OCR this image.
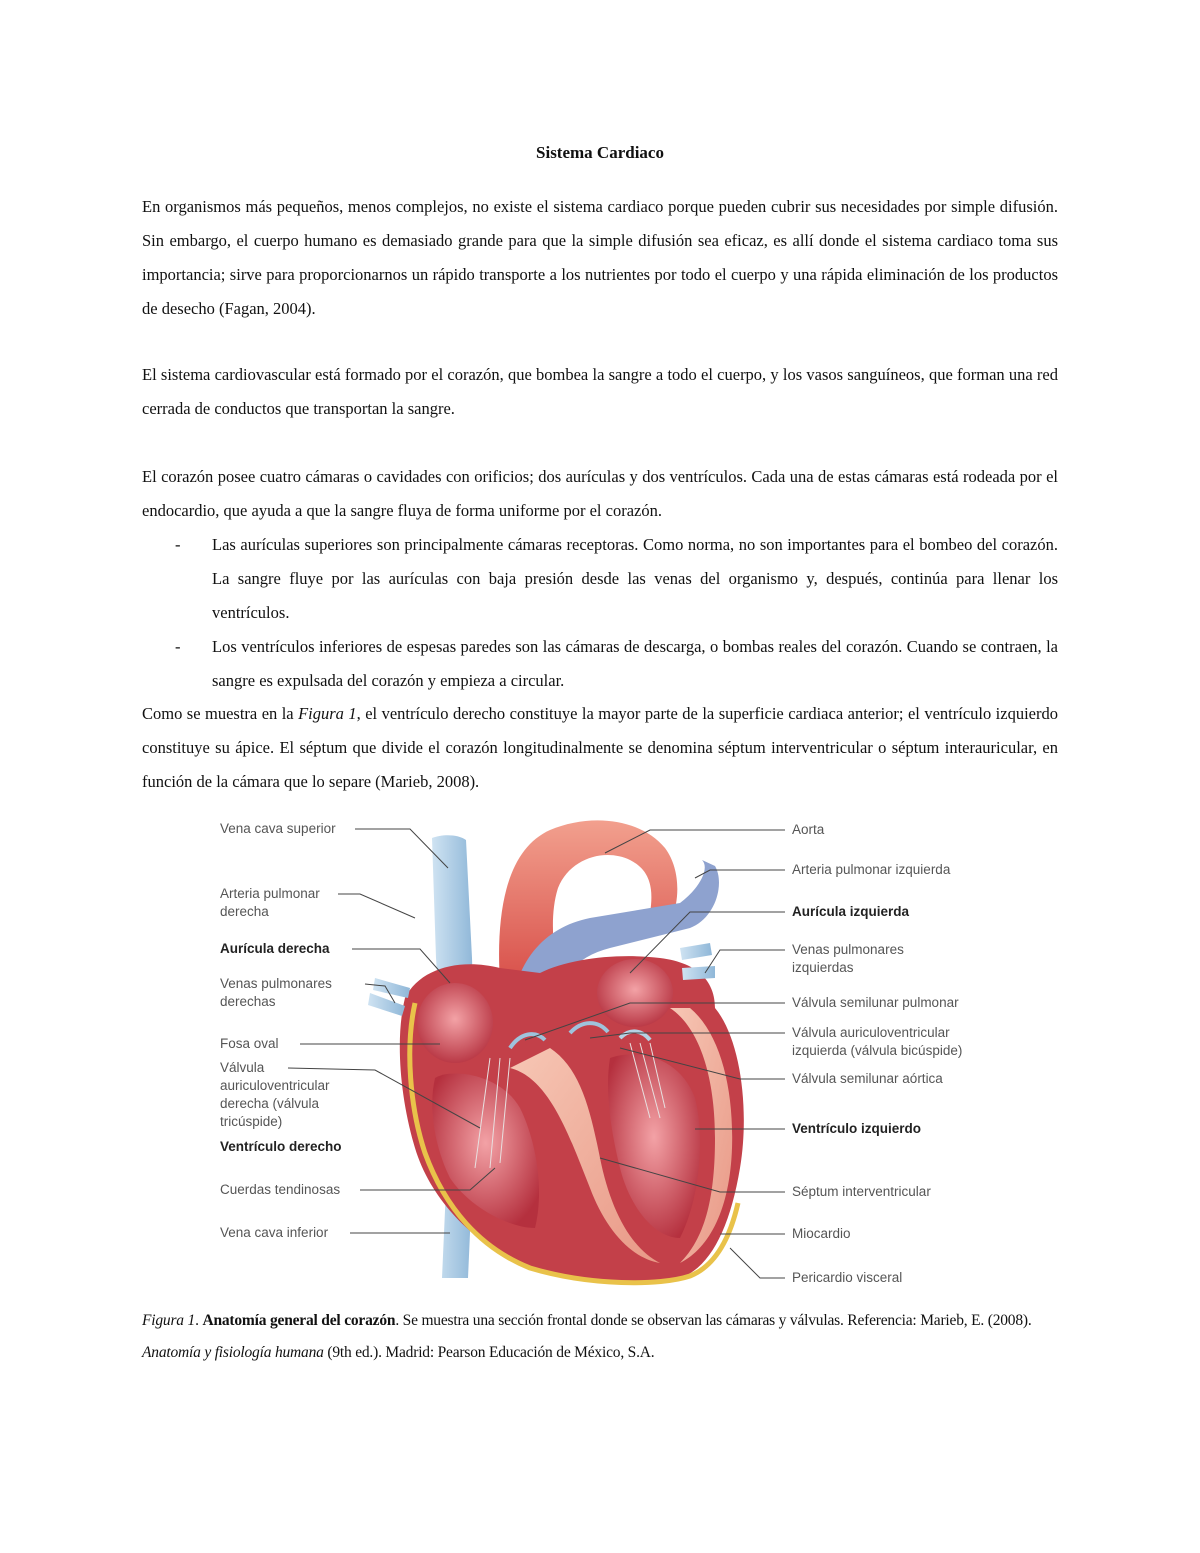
Sistema Cardiaco

En organismos más pequeños, menos complejos, no existe el sistema cardiaco porque pueden cubrir sus necesidades por simple difusión. Sin embargo, el cuerpo humano es demasiado grande para que la simple difusión sea eficaz, es allí donde el sistema cardiaco toma sus importancia; sirve para proporcionarnos un rápido transporte a los nutrientes por todo el cuerpo y una rápida eliminación de los productos de desecho (Fagan, 2004).

El sistema cardiovascular está formado por el corazón, que bombea la sangre a todo el cuerpo, y los vasos sanguíneos, que forman una red cerrada de conductos que transportan la sangre.

El corazón posee cuatro cámaras o cavidades con orificios; dos aurículas y dos ventrículos. Cada una de estas cámaras está rodeada por el endocardio, que ayuda a que la sangre fluya de forma uniforme por el corazón.

- Las aurículas superiores son principalmente cámaras receptoras. Como norma, no son importantes para el bombeo del corazón. La sangre fluye por las aurículas con baja presión desde las venas del organismo y, después, continúa para llenar los ventrículos.
- Los ventrículos inferiores de espesas paredes son las cámaras de descarga, o bombas reales del corazón. Cuando se contraen, la sangre es expulsada del corazón y empieza a circular.

Como se muestra en la Figura 1, el ventrículo derecho constituye la mayor parte de la superficie cardiaca anterior; el ventrículo izquierdo constituye su ápice. El séptum que divide el corazón longitudinalmente se denomina séptum interventricular o séptum interauricular, en función de la cámara que lo separe (Marieb, 2008).

Vena cava superior
Arteria pulmonar
derecha
Aurícula derecha
Venas pulmonares
derechas
Fosa oval
Válvula
auriculoventricular
derecha (válvula
tricúspide)
Ventrículo derecho
Cuerdas tendinosas
Vena cava inferior
Aorta
Arteria pulmonar izquierda
Aurícula izquierda
Venas pulmonares
izquierdas
Válvula semilunar pulmonar
Válvula auriculoventricular
izquierda (válvula bicúspide)
Válvula semilunar aórtica
Ventrículo izquierdo
Séptum interventricular
Miocardio
Pericardio visceral

Figura 1. Anatomía general del corazón. Se muestra una sección frontal donde se observan las cámaras y válvulas. Referencia: Marieb, E. (2008). Anatomía y fisiología humana (9th ed.). Madrid: Pearson Educación de México, S.A.
